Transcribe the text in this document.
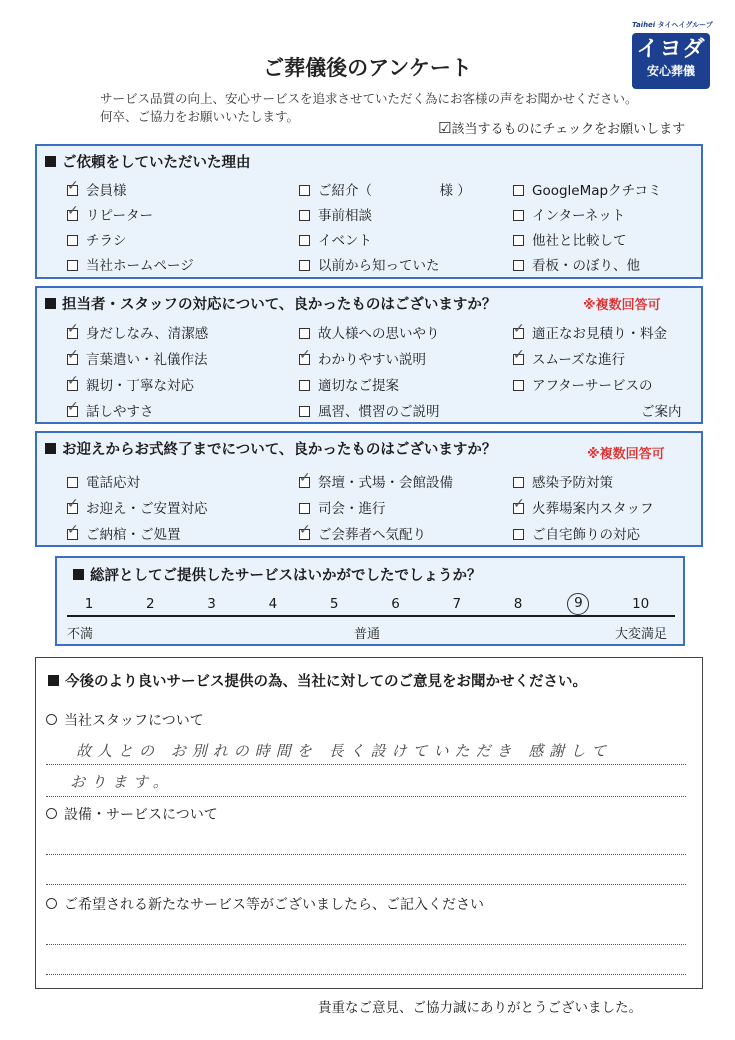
Taihei タイヘイグループ
イヨダ
安心葬儀
ご葬儀後のアンケート
サービス品質の向上、安心サービスを追求させていただく為にお客様の声をお聞かせください。
何卒、ご協力をお願いいたします。
☑該当するものにチェックをお願いします
ご依頼をしていただいた理由
✓会員様	ご紹介（　　　　　様 ）	GoogleMapクチコミ
✓リピーター	事前相談	インターネット
チラシ	イベント	他社と比較して
当社ホームページ	以前から知っていた	看板・のぼり、他
担当者・スタッフの対応について、良かったものはございますか？	※複数回答可
✓身だしなみ、清潔感	故人様への思いやり ✓	適正なお見積り・料金
✓言葉遣い・礼儀作法 ✓	わかりやすい説明 ✓	スムーズな進行
✓親切・丁寧な対応	適切なご提案	アフターサービスの
✓話しやすさ	風習、慣習のご説明	ご案内
お迎えからお式終了までについて、良かったものはございますか？	※複数回答可
電話応対 ✓	祭壇・式場・会館設備	感染予防対策
✓お迎え・ご安置対応	司会・進行 ✓	火葬場案内スタッフ
✓ご納棺・ご処置 ✓	ご会葬者へ気配り	ご自宅飾りの対応
総評としてご提供したサービスはいかがでしたでしょうか？
1	2	3	4	5	6	7	8	9	10
不満	普通	大変満足
今後のより良いサービス提供の為、当社に対してのご意見をお聞かせください。
当社スタッフについて
故人との お別れの時間を 長く設けていただき 感謝して
おります。
設備・サービスについて
ご希望される新たなサービス等がございましたら、ご記入ください
貴重なご意見、ご協力誠にありがとうございました。
